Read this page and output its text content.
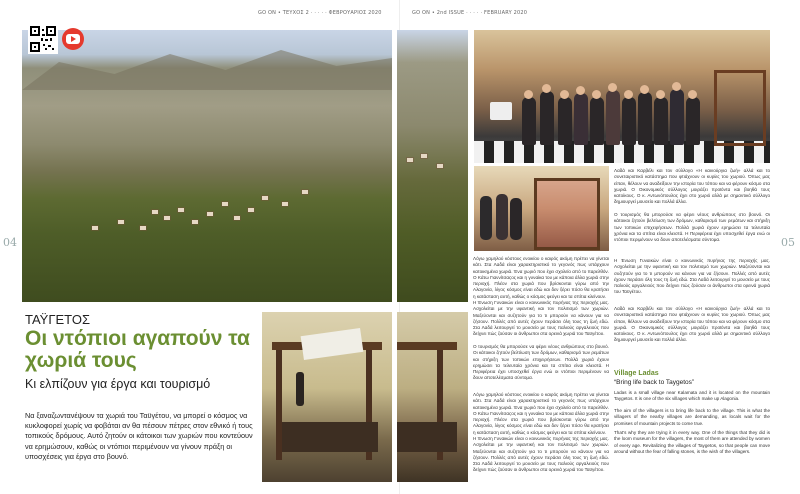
GO ON • ΤΕΥΧΟΣ 2 · · · · · ΦΕΒΡΟΥΑΡΙΟΣ 2020	GO ON • 2nd ISSUE · · · · · FEBRUARY 2020
04	05
Λόγω χαμηλού κόστους ενοικίου ο καιρός ακόμη πρέπει να γίνεται κάτι. Στα Λαδά είναι χαρακτηριστικό το γεγονός πως υπάρχουν κατοικημένα χωριά. Ένα χωριό που έχει σχολείο από το παρελθόν. Ο Κάτω Γιαννίτσαςος και η γυναίκα του με κάποια άλλα χωριά στην περιοχή. Πλέον στα χωριά που βρίσκονται γύρω από την Αλαγονία, λίγος κόσμος είναι εδώ και δεν ξέρει πόσο θα κρατήσει η κατάσταση αυτή, καθώς ο κόσμος φεύγει και τα σπίτια κλείνουν.
Η Ένωση Γυναικών είναι ο κοινωνικός πυρήνας της περιοχής μας. Ασχολείται με την υφαντική και τον πολιτισμό των χωριών. Μαζεύονται και συζητούν για το τι μπορούν να κάνουν για να ζήσουν. Πολλές από αυτές έχουν περάσει όλη τους τη ζωή εδώ. Στα Λαδά λειτουργεί το μουσείο με τους παλιούς αργαλειούς που δείχνει πώς ζούσαν οι άνθρωποι στα ορεινά χωριά του Ταϋγέτου.
Ο τουρισμός θα μπορούσε να φέρει νέους ανθρώπους στο βουνό. Οι κάτοικοι ζητούν βελτίωση των δρόμων, καθαρισμό των ρεμάτων και στήριξη των τοπικών επιχειρήσεων. Πολλά χωριά έχουν ερημώσει τα τελευταία χρόνια και τα σπίτια είναι κλειστά. Η Περιφέρεια έχει υποσχεθεί έργα ενώ οι ντόπιοι περιμένουν να δουν αποτελέσματα σύντομα.
Λόγω χαμηλού κόστους ενοικίου ο καιρός ακόμη πρέπει να γίνεται κάτι. Στα Λαδά είναι χαρακτηριστικό το γεγονός πως υπάρχουν κατοικημένα χωριά. Ένα χωριό που έχει σχολείο από το παρελθόν. Ο Κάτω Γιαννίτσαςος και η γυναίκα του με κάποια άλλα χωριά στην περιοχή. Πλέον στα χωριά που βρίσκονται γύρω από την Αλαγονία, λίγος κόσμος είναι εδώ και δεν ξέρει πόσο θα κρατήσει η κατάσταση αυτή, καθώς ο κόσμος φεύγει και τα σπίτια κλείνουν.
Η Ένωση Γυναικών είναι ο κοινωνικός πυρήνας της περιοχής μας. Ασχολείται με την υφαντική και τον πολιτισμό των χωριών. Μαζεύονται και συζητούν για το τι μπορούν να κάνουν για να ζήσουν. Πολλές από αυτές έχουν περάσει όλη τους τη ζωή εδώ. Στα Λαδά λειτουργεί το μουσείο με τους παλιούς αργαλειούς που δείχνει πώς ζούσαν οι άνθρωποι στα ορεινά χωριά του Ταϋγέτου.
Λαδά και Καρβέλι και τον σύλλογο «Η καινούργια ζωή» αλλά και το συνεταιριστικό κατάστημα που φτιάχνουν οι κυρίες του χωριού. Όπως μας είπαν, θέλουν να αναδείξουν την ιστορία του τόπου και να φέρουν κόσμο στα χωριά. Ο Οικονομικός σύλλογος μοιράζει προϊόντα και βοηθά τους κατοίκους. Ο κ. Αντωνόπουλος έχει στο χωριό αλλά με σημαντικό σύλλογο δημιουργεί μουσείο και πολλά άλλα.
Ο τουρισμός θα μπορούσε να φέρει νέους ανθρώπους στο βουνό. Οι κάτοικοι ζητούν βελτίωση των δρόμων, καθαρισμό των ρεμάτων και στήριξη των τοπικών επιχειρήσεων. Πολλά χωριά έχουν ερημώσει τα τελευταία χρόνια και τα σπίτια είναι κλειστά. Η Περιφέρεια έχει υποσχεθεί έργα ενώ οι ντόπιοι περιμένουν να δουν αποτελέσματα σύντομα.
Η Ένωση Γυναικών είναι ο κοινωνικός πυρήνας της περιοχής μας. Ασχολείται με την υφαντική και τον πολιτισμό των χωριών. Μαζεύονται και συζητούν για το τι μπορούν να κάνουν για να ζήσουν. Πολλές από αυτές έχουν περάσει όλη τους τη ζωή εδώ. Στα Λαδά λειτουργεί το μουσείο με τους παλιούς αργαλειούς που δείχνει πώς ζούσαν οι άνθρωποι στα ορεινά χωριά του Ταϋγέτου.
Λαδά και Καρβέλι και τον σύλλογο «Η καινούργια ζωή» αλλά και το συνεταιριστικό κατάστημα που φτιάχνουν οι κυρίες του χωριού. Όπως μας είπαν, θέλουν να αναδείξουν την ιστορία του τόπου και να φέρουν κόσμο στα χωριά. Ο Οικονομικός σύλλογος μοιράζει προϊόντα και βοηθά τους κατοίκους. Ο κ. Αντωνόπουλος έχει στο χωριό αλλά με σημαντικό σύλλογο δημιουργεί μουσείο και πολλά άλλα.
Village Ladas
“Bring life back to Taygetos”
Ladas is a small village near Kalamata and it is located on the mountain Taygetos. It is one of the six villages which make up Alagonia.
The aim of the villagers is to bring life back to the village. This is what the villagers of the nearby villages are demanding, as locals wait for the promises of mountain projects to come true.
That's why they are trying it in every way. One of the things that they did is the loom museum for the villagers, the most of them are attended by women of every age. Revitalizing the villages of Taygetos, so that people can move around without the fear of falling stones, is the wish of the villagers.
ΤΑΫΓΕΤΟΣ
Οι ντόπιοι αγαπούν τα χωριά τους
Κι ελπίζουν για έργα και τουρισμό
Να ξαναζωντανέψουν τα χωριά του Ταϋγέτου, να μπορεί ο κόσμος να κυκλοφορεί χωρίς να φοβάται αν θα πέσουν πέτρες στον εθνικό ή τους τοπικούς δρόμους. Αυτό ζητούν οι κάτοικοι των χωριών που κοντεύουν να ερημώσουν, καθώς οι ντόπιοι περιμένουν να γίνουν πράξη οι υποσχέσεις για έργα στο βουνό.
